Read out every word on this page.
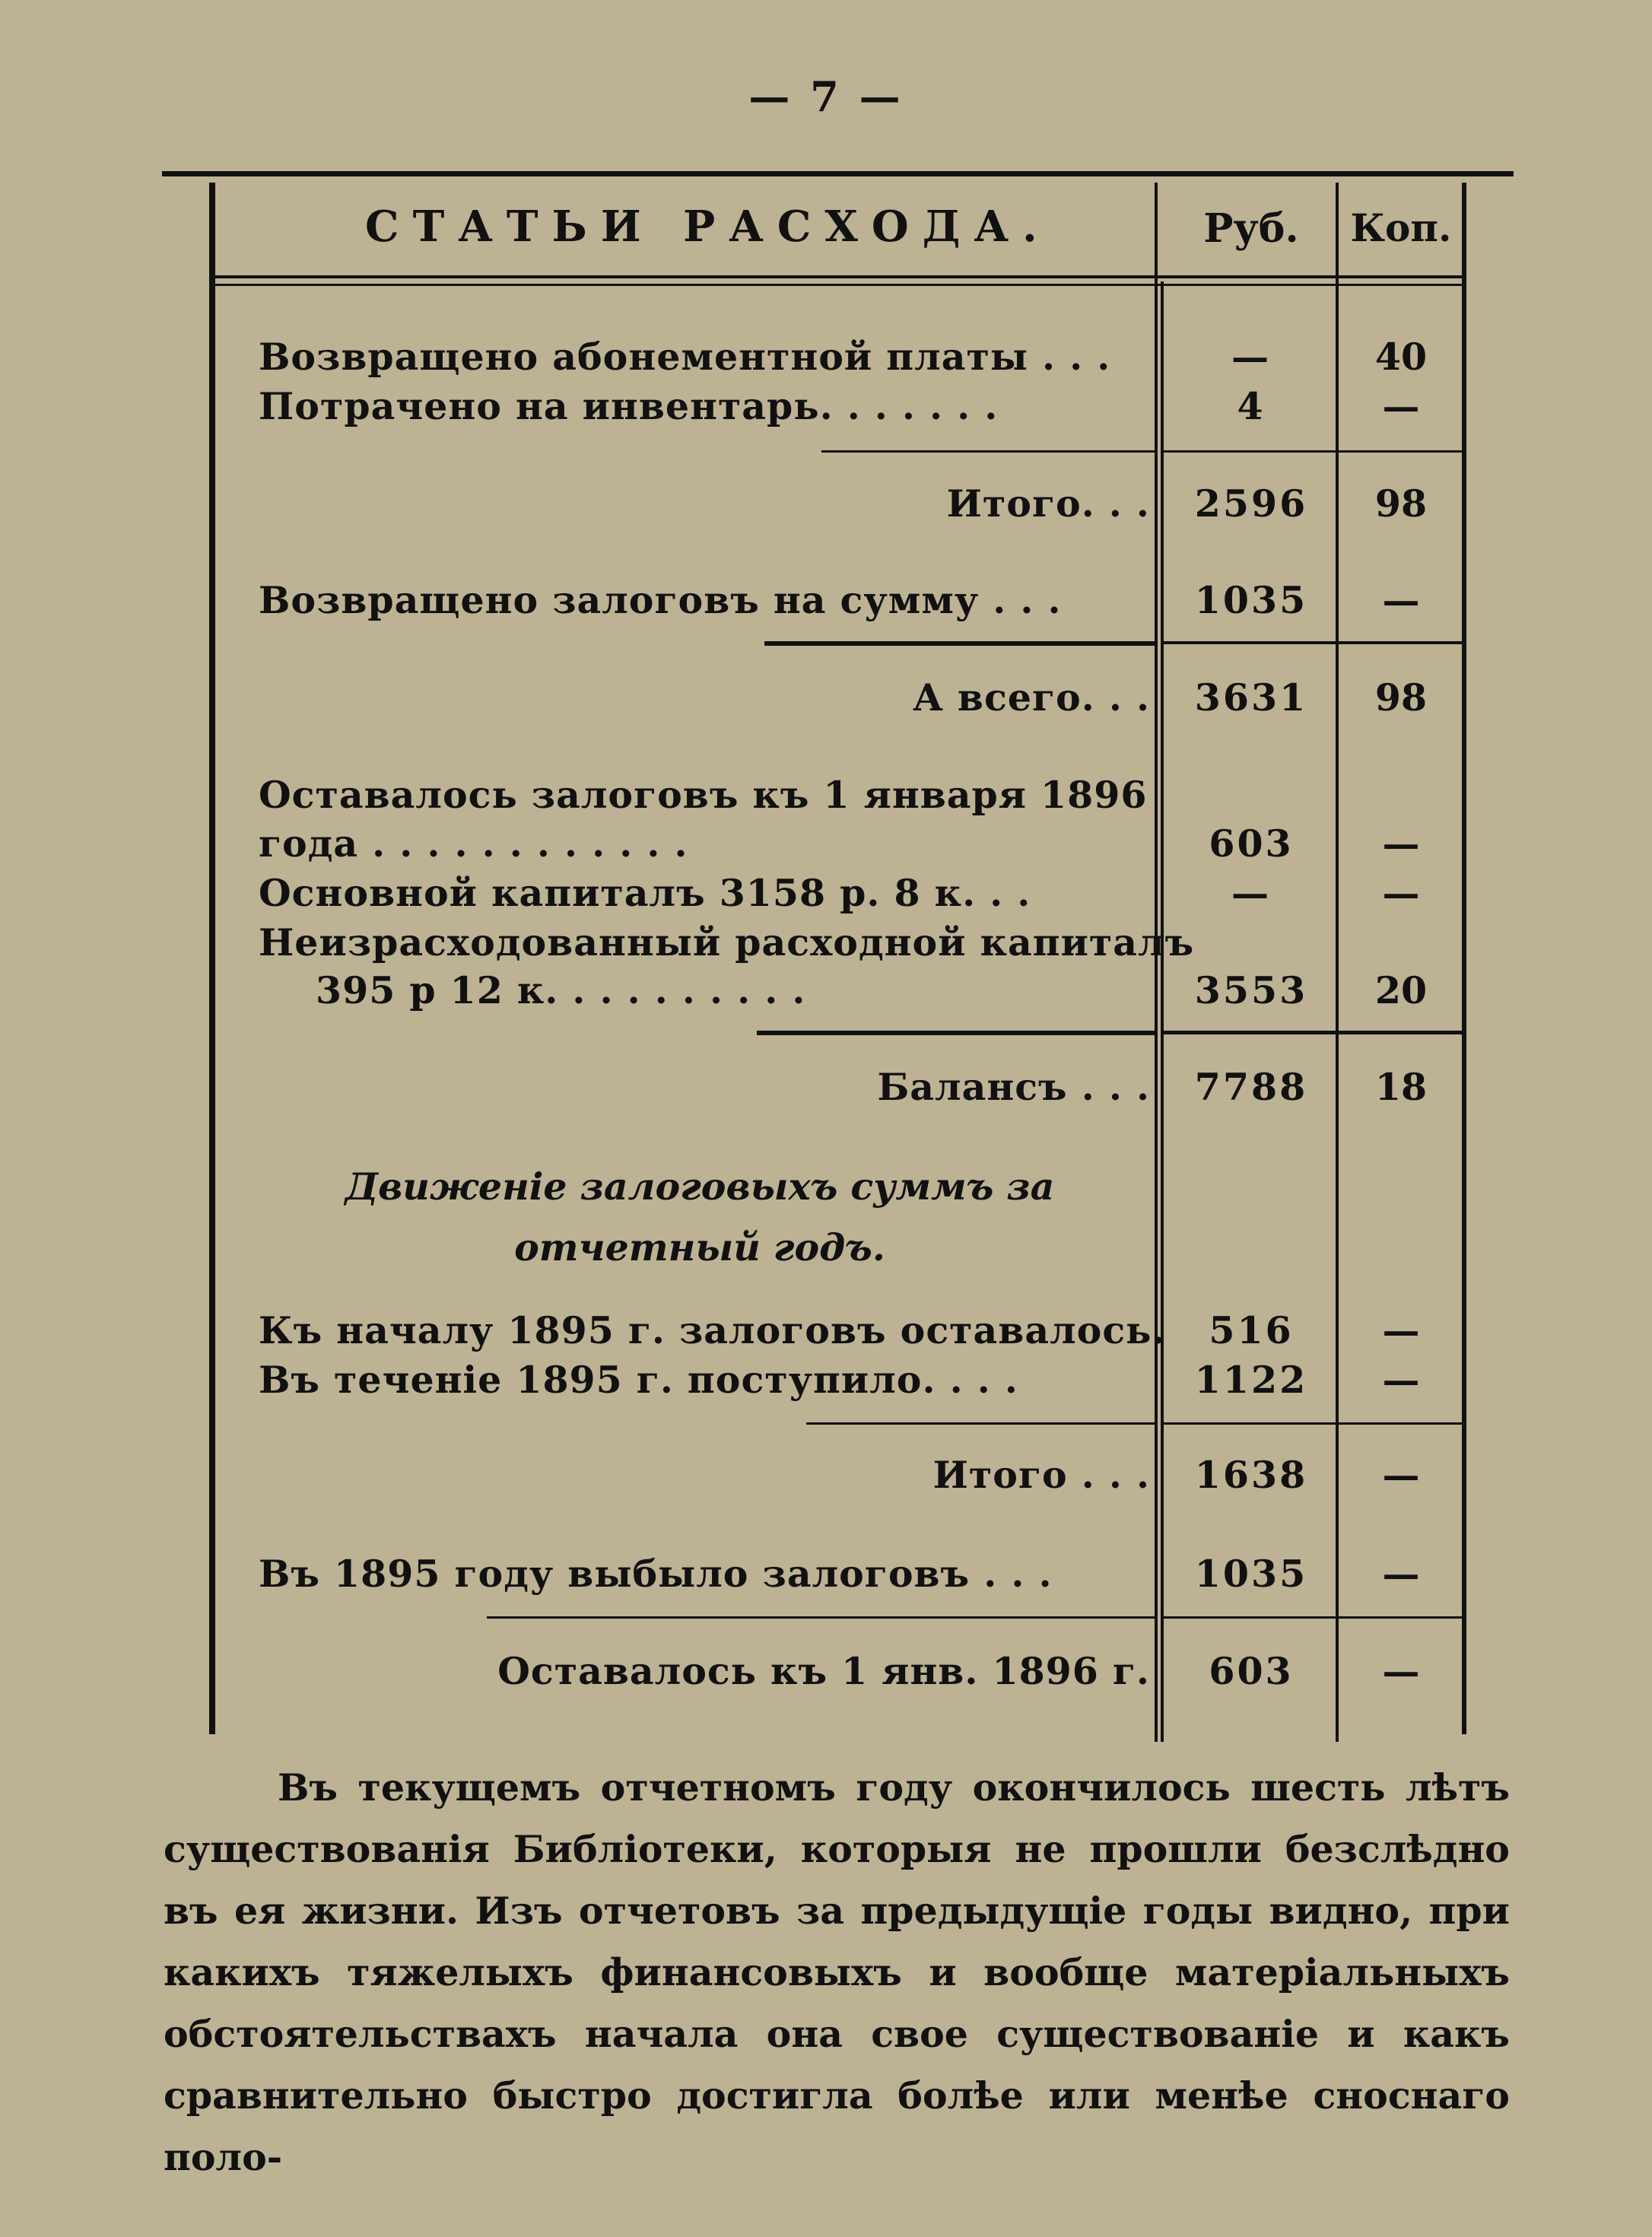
— 7 —
СТАТЬИ РАСХОДА.	Руб.	Коп.
Возвращено абонементной платы . . .	—	40
Потрачено на инвентарь. . . . . . .	4	—
Итого. . .	2596	98
Возвращено залоговъ на сумму . . .	1035	—
А всего. . .	3631	98
Оставалось залоговъ къ 1 января 1896
года . . . . . . . . . . . .	603	—
Основной капиталъ 3158 р. 8 к. . .	—	—
Неизрасходованный расходной капиталъ
395 р 12 к. . . . . . . . . .	3553	20
Балансъ . . .	7788	18
Движеніе залоговыхъ суммъ за отчетный годъ.
Къ началу 1895 г. залоговъ оставалось.	516	—
Въ теченіе 1895 г. поступило. . . .	1122	—
Итого . . .	1638	—
Въ 1895 году выбыло залоговъ . . .	1035	—
Оставалось къ 1 янв. 1896 г.	603	—

Въ текущемъ отчетномъ году окончилось шесть лѣтъ существованія Библіотеки, которыя не прошли безслѣдно въ ея жизни. Изъ отчетовъ за предыдущіе годы видно, при какихъ тяжелыхъ финансовыхъ и вообще матеріальныхъ обстоятельствахъ начала она свое существованіе и какъ сравнительно быстро достигла болѣе или менѣе сноснаго поло-
